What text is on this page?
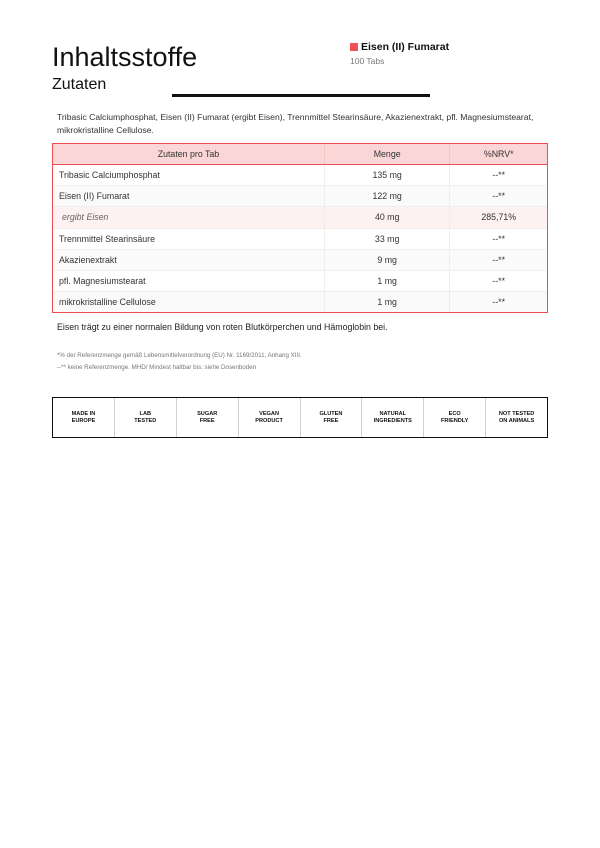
Inhaltsstoffe
Zutaten
Eisen (II) Fumarat
100 Tabs
Tribasic Calciumphosphat, Eisen (II) Fumarat (ergibt Eisen), Trennmittel Stearinsäure, Akazienextrakt, pfl. Magnesiumstearat, mikrokristalline Cellulose.
Zutaten pro Tab	Menge	%NRV*
Tribasic Calciumphosphat	135 mg	--**
Eisen (II) Fumarat	122 mg	--**
ergibt Eisen	40 mg	285,71%
Trennmittel Stearinsäure	33 mg	--**
Akazienextrakt	9 mg	--**
pfl. Magnesiumstearat	1 mg	--**
mikrokristalline Cellulose	1 mg	--**
Eisen trägt zu einer normalen Bildung von roten Blutkörperchen und Hämoglobin bei.
*% der Referenzmenge gemäß Lebensmittelverordnung (EU) Nr. 1169/2011, Anhang XIII.
--** keine Referenzmenge. MHD/ Mindest haltbar bis: siehe Dosenboden
MADE IN
EUROPE
LAB
TESTED
SUGAR
FREE
VEGAN
PRODUCT
GLUTEN
FREE
NATURAL
INGREDIENTS
ECO
FRIENDLY
NOT TESTED
ON ANIMALS
